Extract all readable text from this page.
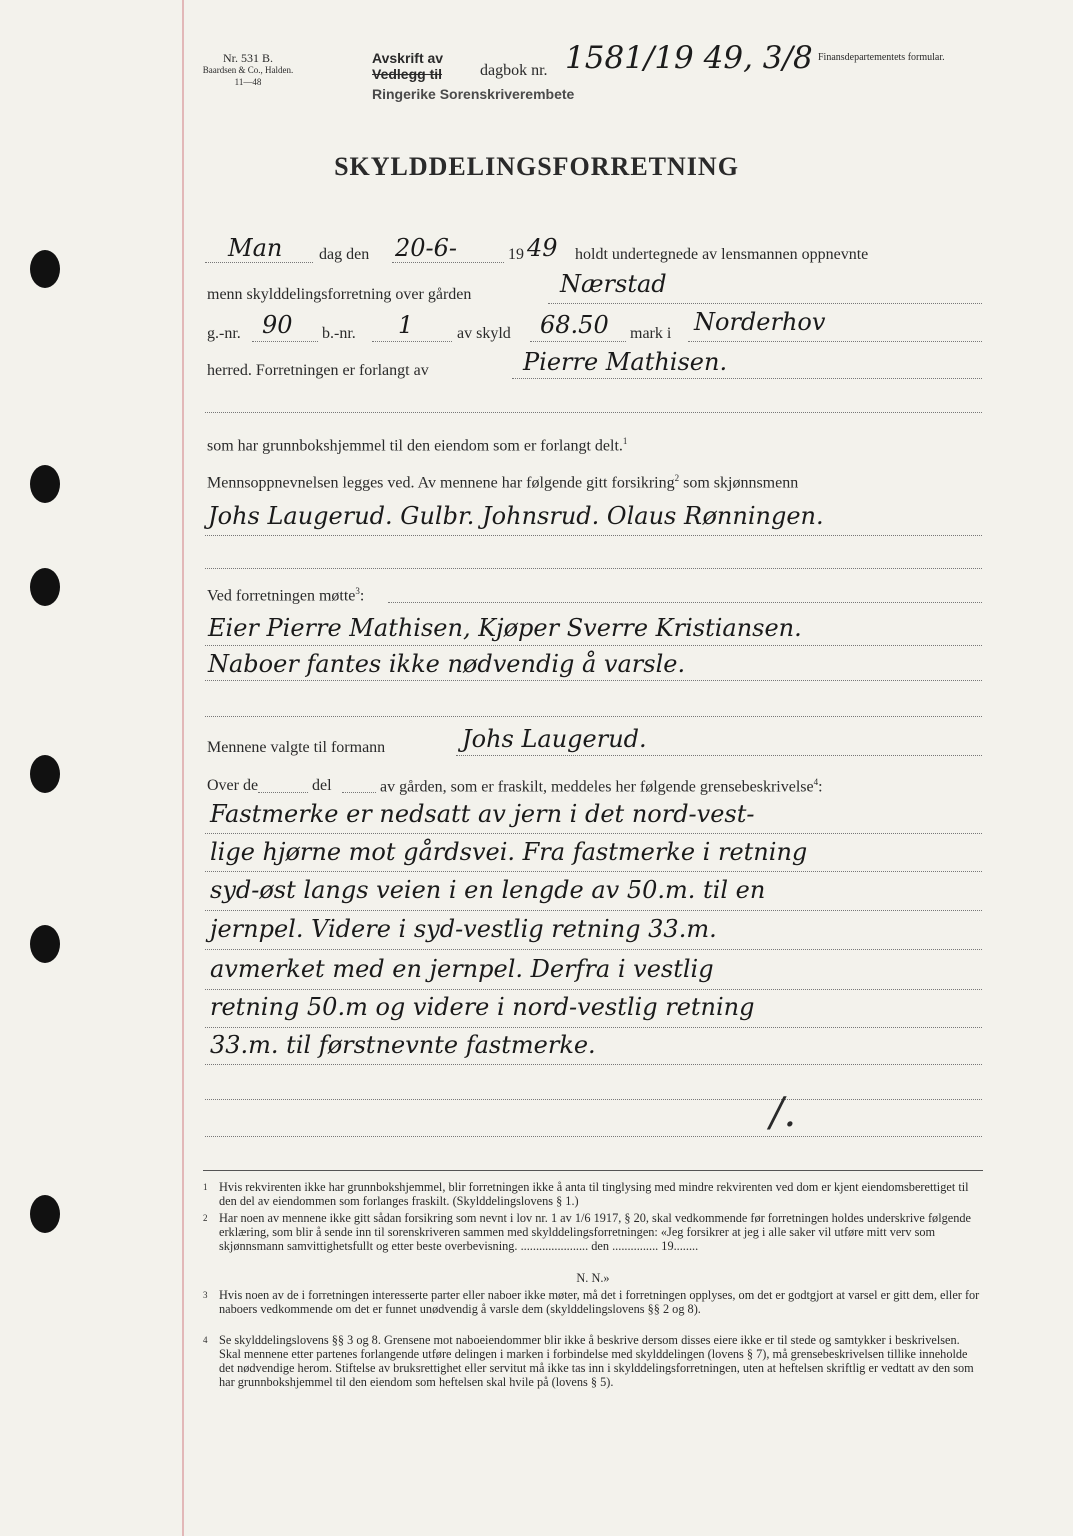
Nr. 531 B.
Baardsen & Co., Halden.
11—48
Avskrift av
Vedlegg til dagbok nr. 1581/19 49, 3/8 Finansdepartementets formular.
Ringerike Sorenskriverembete
SKYLDDELINGSFORRETNING
Man dag den 20-6-	19 49 holdt undertegnede av lensmannen oppnevnte
menn skylddelingsforretning over gården	Nærstad
g.-nr. 90 b.-nr. 1	av skyld 68.50 mark i Norderhov
herred. Forretningen er forlangt av	Pierre Mathisen.
som har grunnbokshjemmel til den eiendom som er forlangt delt.$^1$
Mennsoppnevnelsen legges ved. Av mennene har følgende gitt forsikring$^2$ som skjønnsmenn
Johs Laugerud. Gulbr. Johnsrud. Olaus Rønningen.
Ved forretningen møtte$^3$:
Eier Pierre Mathisen, Kjøper Sverre Kristiansen.
Naboer fantes ikke nødvendig å varsle.
Mennene valgte til formann	Johs Laugerud.
Over de	del	av gården, som er fraskilt, meddeles her følgende grensebeskrivelse$^4$:
Fastmerke er nedsatt av jern i det nord-vest-
lige hjørne mot gårdsvei. Fra fastmerke i retning
syd-øst langs veien i en lengde av 50.m. til en
jernpel. Videre i syd-vestlig retning 33.m.
avmerket med en jernpel. Derfra i vestlig
retning 50.m og videre i nord-vestlig retning
33.m. til førstnevnte fastmerke.
/.
1 Hvis rekvirenten ikke har grunnbokshjemmel, blir forretningen ikke å anta til tinglysing med mindre rekvirenten ved dom er kjent eiendomsberettiget til den del av eiendommen som forlanges fraskilt. (Skylddelingslovens § 1.)
2 Har noen av mennene ikke gitt sådan forsikring som nevnt i lov nr. 1 av 1/6 1917, § 20, skal vedkommende før forretningen holdes underskrive følgende erklæring, som blir å sende inn til sorenskriveren sammen med skylddelingsforretningen: «Jeg forsikrer at jeg i alle saker vil utføre mitt verv som skjønnsmann samvittighetsfullt og etter beste overbevisning. ...................... den ............... 19........
N. N.»
3 Hvis noen av de i forretningen interesserte parter eller naboer ikke møter, må det i forretningen opplyses, om det er godtgjort at varsel er gitt dem, eller for naboers vedkommende om det er funnet unødvendig å varsle dem (skylddelingslovens §§ 2 og 8).
4 Se skylddelingslovens §§ 3 og 8. Grensene mot naboeiendommer blir ikke å beskrive dersom disses eiere ikke er til stede og samtykker i beskrivelsen. Skal mennene etter partenes forlangende utføre delingen i marken i forbindelse med skylddelingen (lovens § 7), må grensebeskrivelsen tillike inneholde det nødvendige herom. Stiftelse av bruksrettighet eller servitut må ikke tas inn i skylddelingsforretningen, uten at heftelsen skriftlig er vedtatt av den som har grunnbokshjemmel til den eiendom som heftelsen skal hvile på (lovens § 5).
